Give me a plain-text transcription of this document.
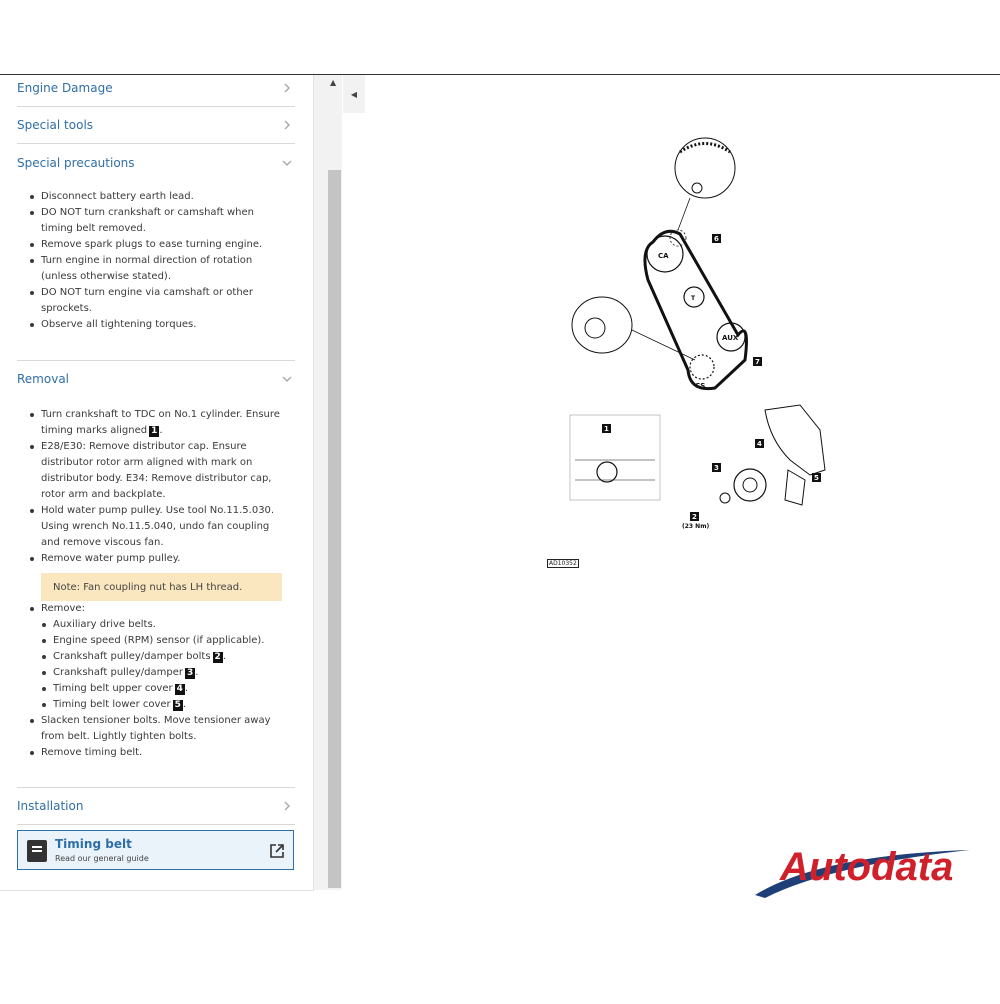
Engine Damage
Special tools
Special precautions
Disconnect battery earth lead.
DO NOT turn crankshaft or camshaft when timing belt removed.
Remove spark plugs to ease turning engine.
Turn engine in normal direction of rotation (unless otherwise stated).
DO NOT turn engine via camshaft or other sprockets.
Observe all tightening torques.
Removal
Turn crankshaft to TDC on No.1 cylinder. Ensure timing marks aligned 1 .
E28/E30: Remove distributor cap. Ensure distributor rotor arm aligned with mark on distributor body. E34: Remove distributor cap, rotor arm and backplate.
Hold water pump pulley. Use tool No.11.5.030. Using wrench No.11.5.040, undo fan coupling and remove viscous fan.
Remove water pump pulley.
Note: Fan coupling nut has LH thread.
Remove:
Auxiliary drive belts.
Engine speed (RPM) sensor (if applicable).
Crankshaft pulley/damper bolts 2 .
Crankshaft pulley/damper 3 .
Timing belt upper cover 4 .
Timing belt lower cover 5 .
Slacken tensioner bolts. Move tensioner away from belt. Lightly tighten bolts.
Remove timing belt.
Installation
Timing belt
Read our general guide
▲
◀
CA
T
AUX
CS
6
7
1
2
3
4
5
(23 Nm)
AD10352
Autodata
